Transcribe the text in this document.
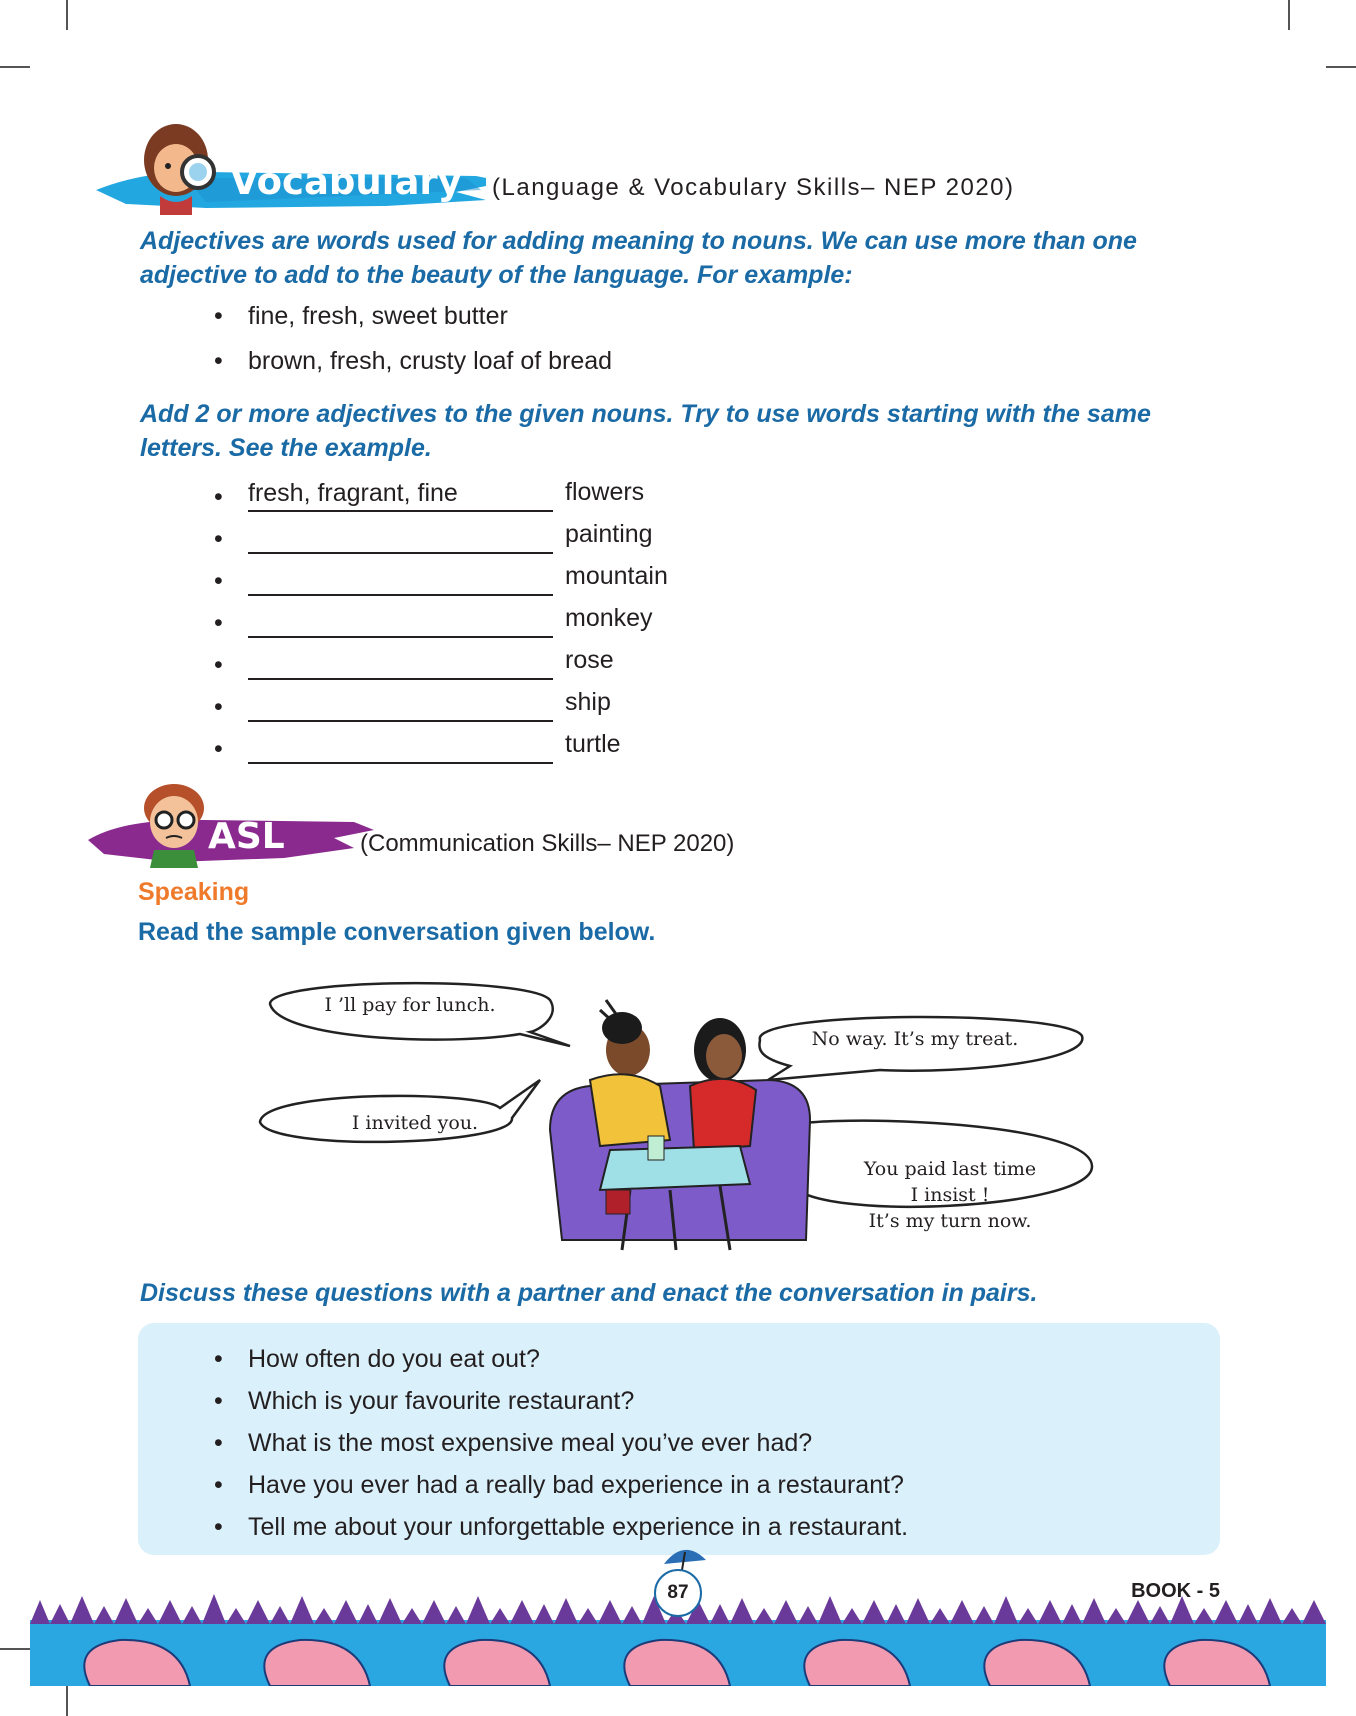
Vocabulary (Language & Vocabulary Skills– NEP 2020)
Adjectives are words used for adding meaning to nouns. We can use more than one adjective to add to the beauty of the language. For example:
• fine, fresh, sweet butter
• brown, fresh, crusty loaf of bread
Add 2 or more adjectives to the given nouns. Try to use words starting with the same letters. See the example.
•	fresh, fragrant, fine	flowers
•	painting
•	mountain
•	monkey
•	rose
•	ship
•	turtle
ASL	(Communication Skills– NEP 2020)
Speaking
Read the sample conversation given below.
I ’ll pay for lunch.
No way. It’s my treat.
I invited you.
You paid last time
I insist !
It’s my turn now.
Discuss these questions with a partner and enact the conversation in pairs.
• How often do you eat out?
• Which is your favourite restaurant?
• What is the most expensive meal you’ve ever had?
• Have you ever had a really bad experience in a restaurant?
• Tell me about your unforgettable experience in a restaurant.
87	BOOK - 5
